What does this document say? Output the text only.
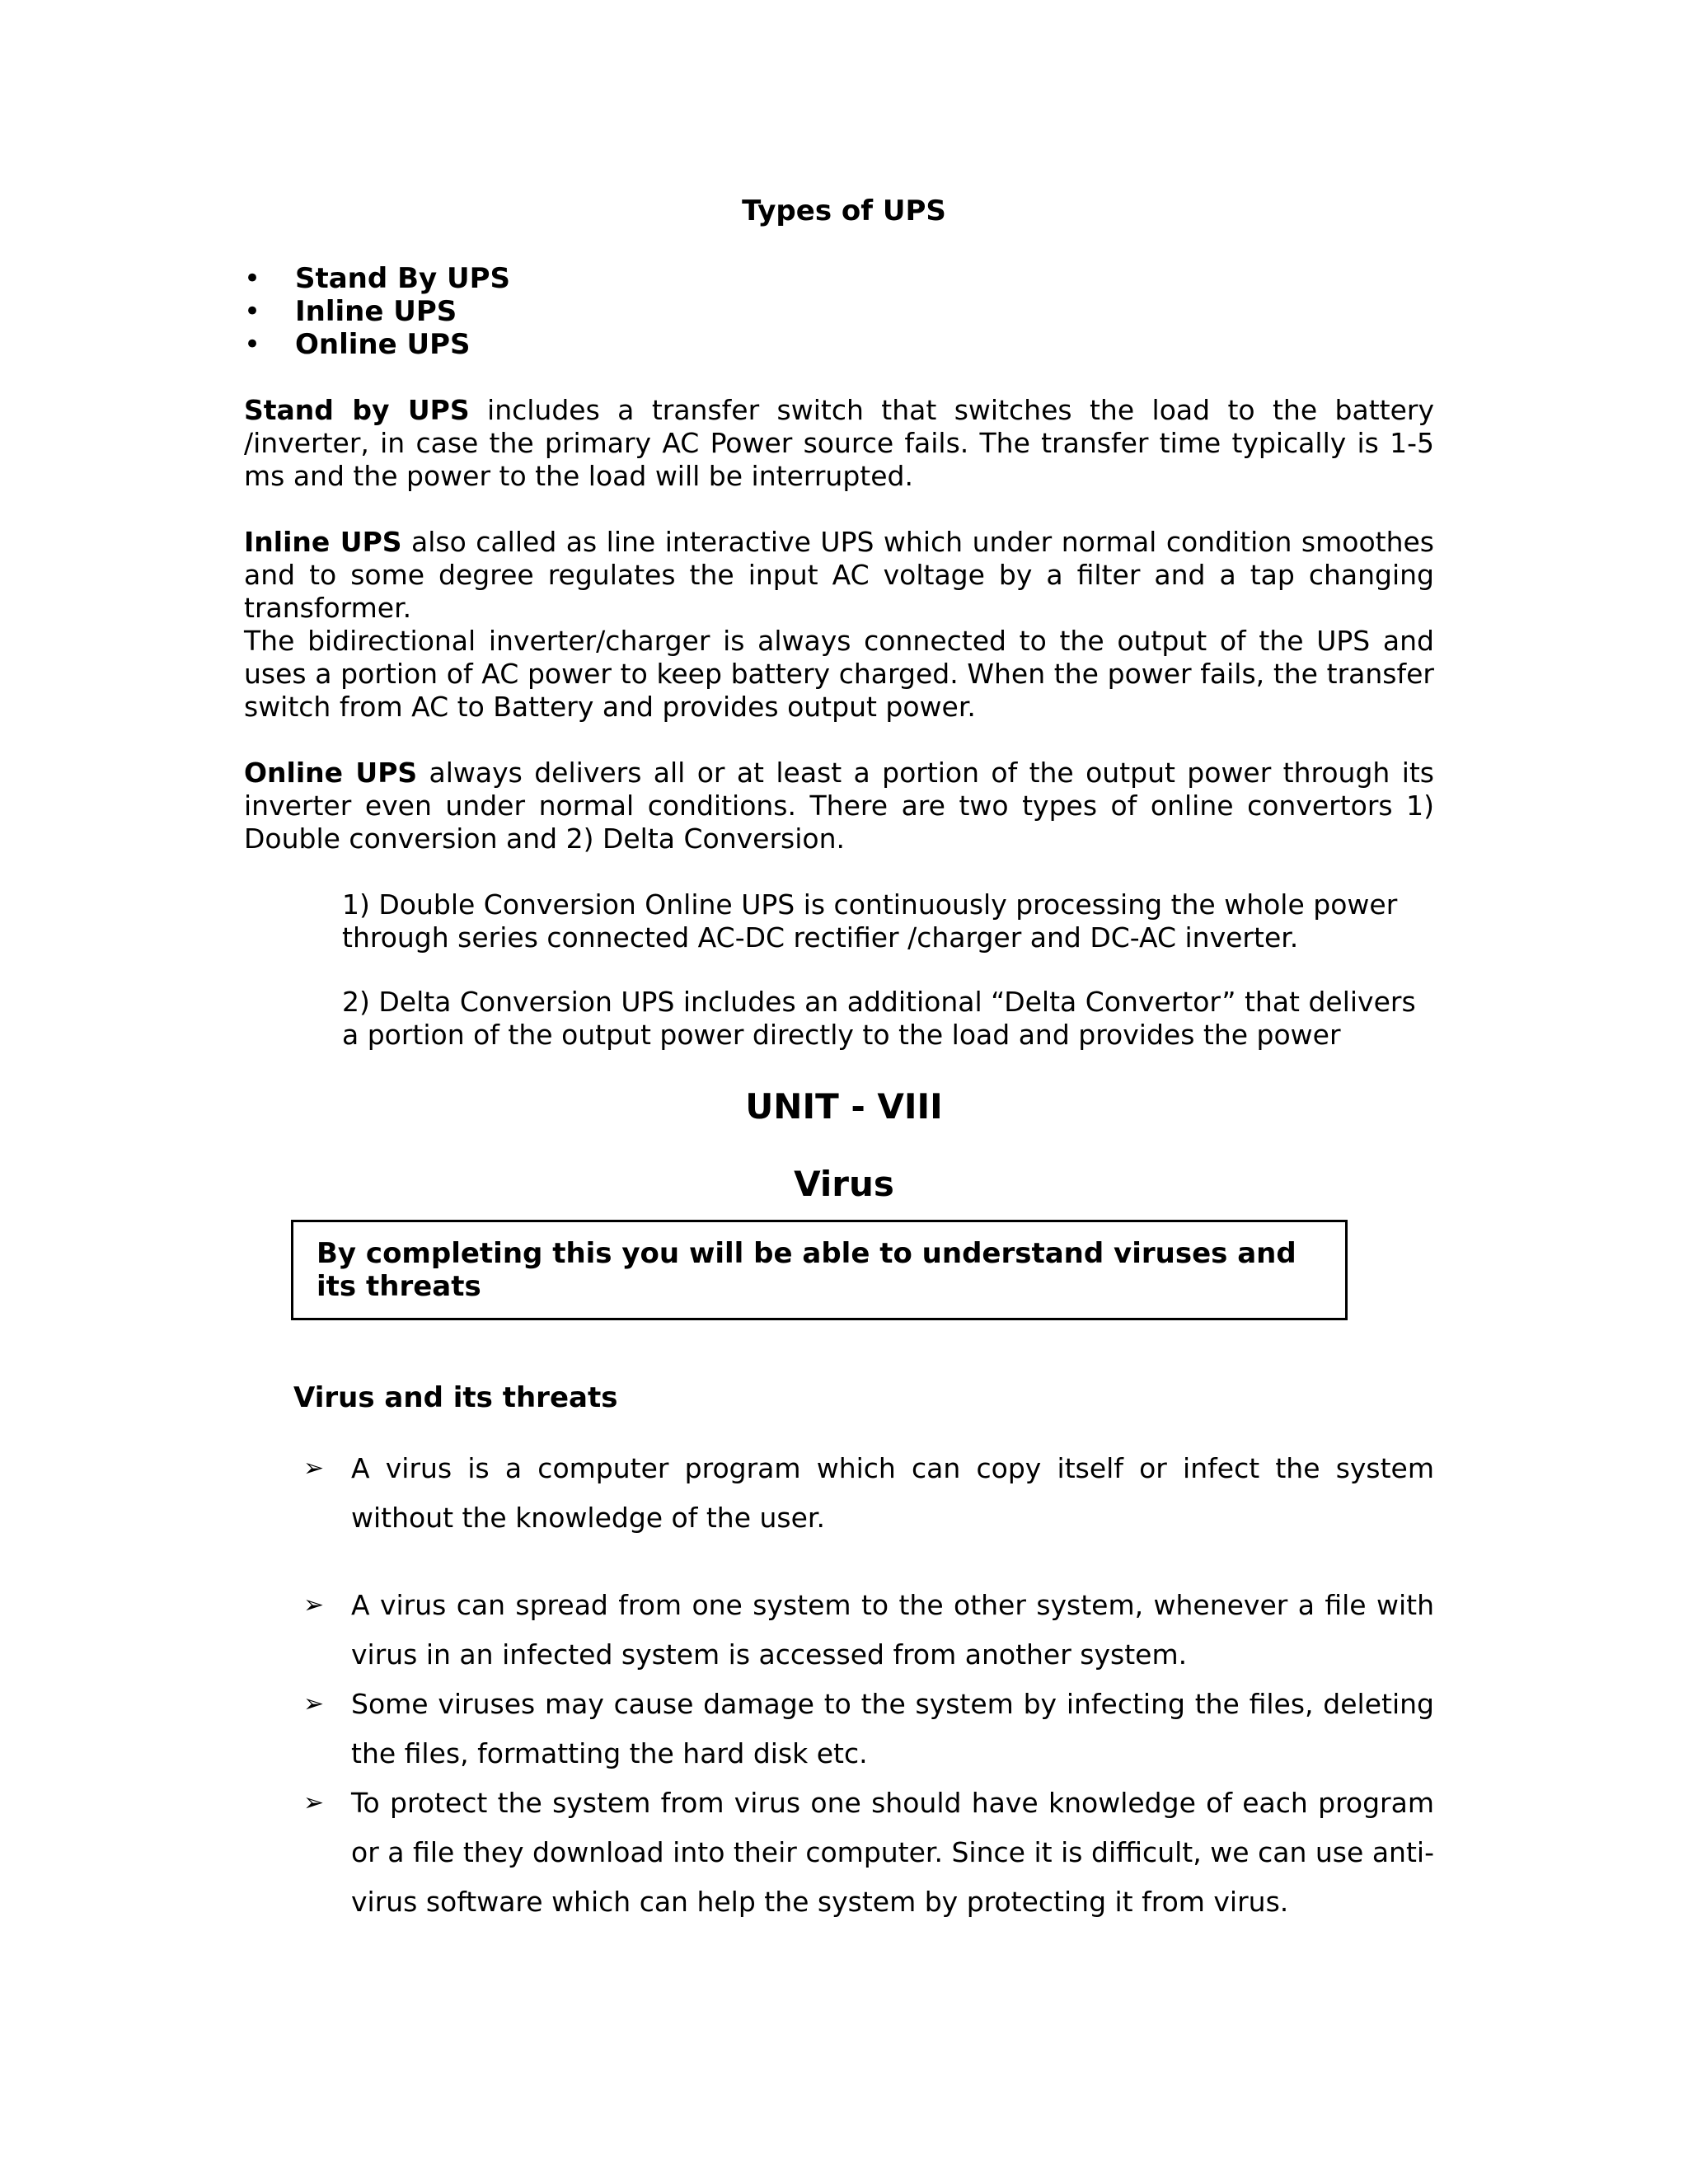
Types of UPS
• Stand By UPS
• Inline UPS
• Online UPS
Stand by UPS includes a transfer switch that switches the load to the battery /inverter, in case the primary AC Power source fails. The transfer time typically is 1-5 ms and the power to the load will be interrupted.
Inline UPS also called as line interactive UPS which under normal condition smoothes and to some degree regulates the input AC voltage by a filter and a tap changing transformer.
The bidirectional inverter/charger is always connected to the output of the UPS and uses a portion of AC power to keep battery charged. When the power fails, the transfer switch from AC to Battery and provides output power.
Online UPS always delivers all or at least a portion of the output power through its inverter even under normal conditions. There are two types of online convertors 1) Double conversion and 2) Delta Conversion.
1) Double Conversion Online UPS is continuously processing the whole power through series connected AC-DC rectifier /charger and DC-AC inverter.
2) Delta Conversion UPS includes an additional “Delta Convertor” that delivers a portion of the output power directly to the load and provides the power
UNIT - VIII
Virus
By completing this you will be able to understand viruses and its threats
Virus and its threats
➢ A virus is a computer program which can copy itself or infect the system without the knowledge of the user.
➢ A virus can spread from one system to the other system, whenever a file with virus in an infected system is accessed from another system.
➢ Some viruses may cause damage to the system by infecting the files, deleting the files, formatting the hard disk etc.
➢ To protect the system from virus one should have knowledge of each program or a file they download into their computer. Since it is difficult, we can use anti-virus software which can help the system by protecting it from virus.
